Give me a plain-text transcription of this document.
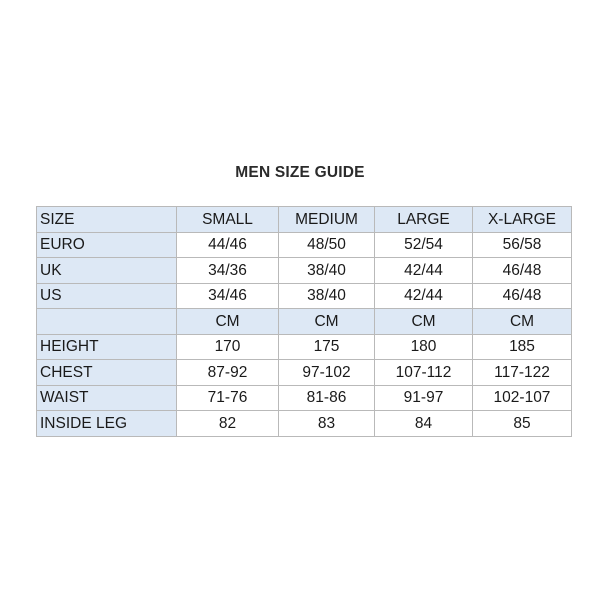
MEN SIZE GUIDE
SIZE	SMALL	MEDIUM	LARGE	X-LARGE
EURO	44/46	48/50	52/54	56/58
UK	34/36	38/40	42/44	46/48
US	34/46	38/40	42/44	46/48
	CM	CM	CM	CM
HEIGHT	170	175	180	185
CHEST	87-92	97-102	107-112	117-122
WAIST	71-76	81-86	91-97	102-107
INSIDE LEG	82	83	84	85
